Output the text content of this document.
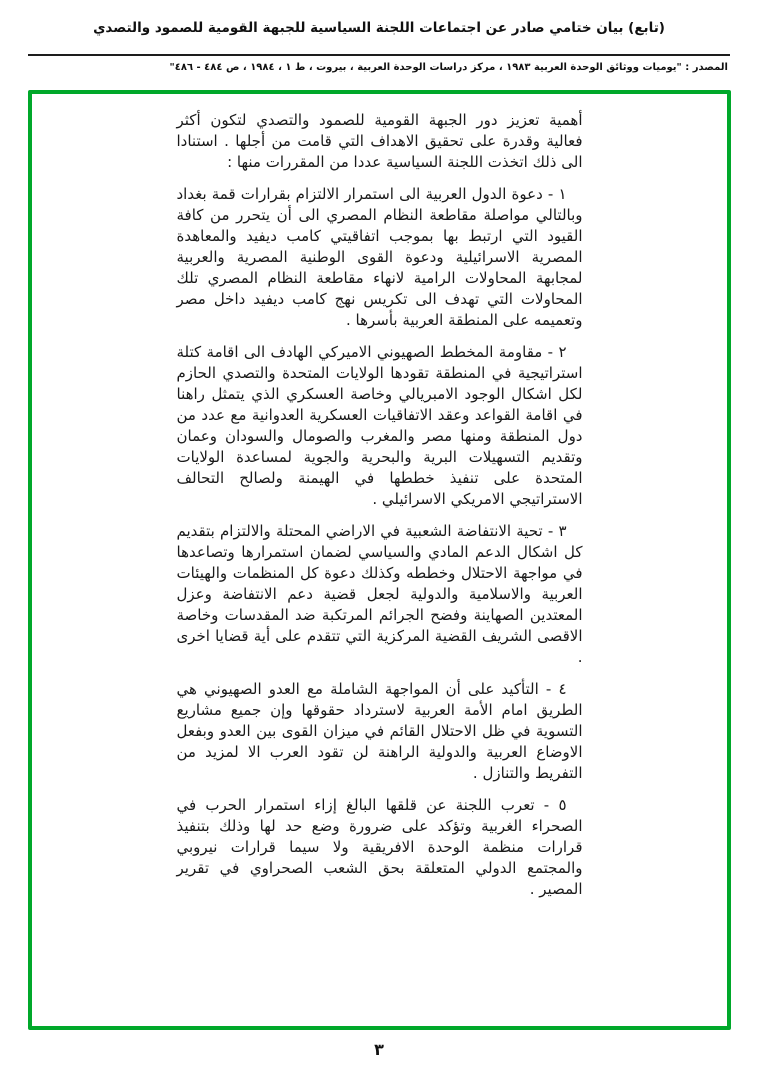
(تابع) بيان ختامي صادر عن اجتماعات اللجنة السياسية للجبهة القومية للصمود والتصدي
المصدر : "يوميات ووثائق الوحدة العربية ١٩٨٣ ، مركز دراسات الوحدة العربية ، بيروت ، ط ١ ، ١٩٨٤ ، ص ٤٨٤ - ٤٨٦"

أهمية تعزيز دور الجبهة القومية للصمود والتصدي لتكون أكثر فعالية وقدرة على تحقيق الاهداف التي قامت من أجلها . استنادا الى ذلك اتخذت اللجنة السياسية عددا من المقررات منها :

١ - دعوة الدول العربية الى استمرار الالتزام بقرارات قمة بغداد وبالتالي مواصلة مقاطعة النظام المصري الى أن يتحرر من كافة القيود التي ارتبط بها بموجب اتفاقيتي كامب ديفيد والمعاهدة المصرية الاسرائيلية ودعوة القوى الوطنية المصرية والعربية لمجابهة المحاولات الرامية لانهاء مقاطعة النظام المصري تلك المحاولات التي تهدف الى تكريس نهج كامب ديفيد داخل مصر وتعميمه على المنطقة العربية بأسرها .

٢ - مقاومة المخطط الصهيوني الاميركي الهادف الى اقامة كتلة استراتيجية في المنطقة تقودها الولايات المتحدة والتصدي الحازم لكل اشكال الوجود الامبريالي وخاصة العسكري الذي يتمثل راهنا في اقامة القواعد وعقد الاتفاقيات العسكرية العدوانية مع عدد من دول المنطقة ومنها مصر والمغرب والصومال والسودان وعمان وتقديم التسهيلات البرية والبحرية والجوية لمساعدة الولايات المتحدة على تنفيذ خططها في الهيمنة ولصالح التحالف الاستراتيجي الامريكي الاسرائيلي .

٣ - تحية الانتفاضة الشعبية في الاراضي المحتلة والالتزام بتقديم كل اشكال الدعم المادي والسياسي لضمان استمرارها وتصاعدها في مواجهة الاحتلال وخططه وكذلك دعوة كل المنظمات والهيئات العربية والاسلامية والدولية لجعل قضية دعم الانتفاضة وعزل المعتدين الصهاينة وفضح الجرائم المرتكبة ضد المقدسات وخاصة الاقصى الشريف القضية المركزية التي تتقدم على أية قضايا اخرى .

٤ - التأكيد على أن المواجهة الشاملة مع العدو الصهيوني هي الطريق امام الأمة العربية لاسترداد حقوقها وإن جميع مشاريع التسوية في ظل الاحتلال القائم في ميزان القوى بين العدو وبفعل الاوضاع العربية والدولية الراهنة لن تقود العرب الا لمزيد من التفريط والتنازل .

٥ - تعرب اللجنة عن قلقها البالغ إزاء استمرار الحرب في الصحراء الغربية وتؤكد على ضرورة وضع حد لها وذلك بتنفيذ قرارات منظمة الوحدة الافريقية ولا سيما قرارات نيروبي والمجتمع الدولي المتعلقة بحق الشعب الصحراوي في تقرير المصير .

٣
